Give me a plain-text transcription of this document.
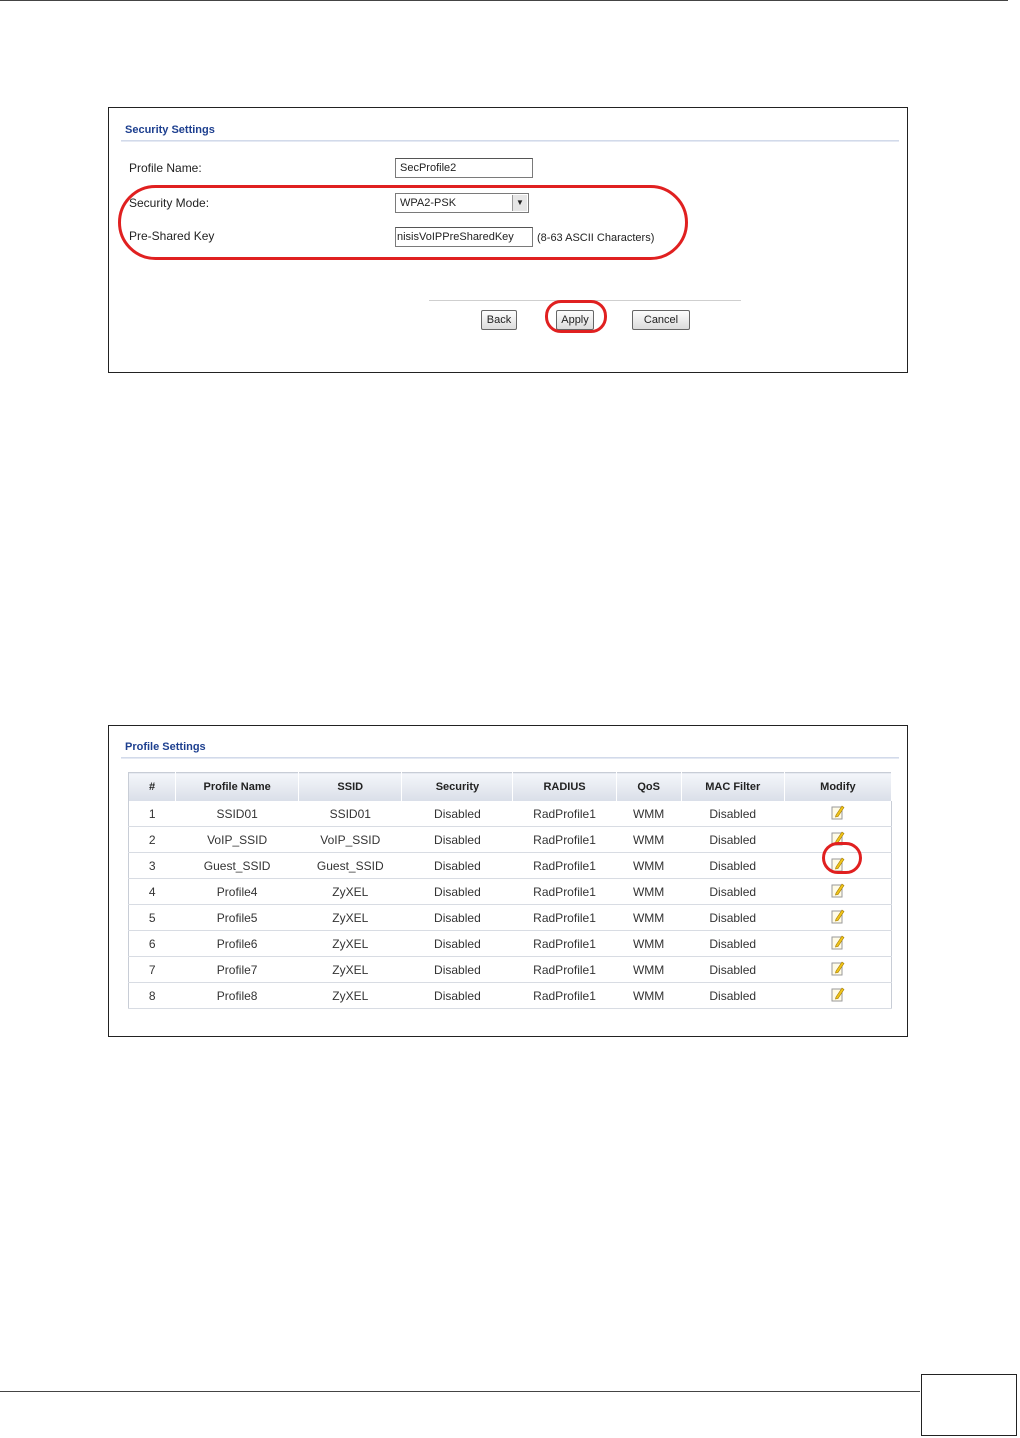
Security Settings
Profile Name:	SecProfile2
Security Mode:	WPA2-PSK	▼
Pre-Shared Key	nisisVoIPPreSharedKey	(8-63 ASCII Characters)
Back	Apply	Cancel
Profile Settings
#	Profile Name	SSID	Security	RADIUS	QoS	MAC Filter	Modify
1	SSID01	SSID01	Disabled	RadProfile1	WMM	Disabled	
2	VoIP_SSID	VoIP_SSID	Disabled	RadProfile1	WMM	Disabled	
3	Guest_SSID	Guest_SSID	Disabled	RadProfile1	WMM	Disabled	
4	Profile4	ZyXEL	Disabled	RadProfile1	WMM	Disabled	
5	Profile5	ZyXEL	Disabled	RadProfile1	WMM	Disabled	
6	Profile6	ZyXEL	Disabled	RadProfile1	WMM	Disabled	
7	Profile7	ZyXEL	Disabled	RadProfile1	WMM	Disabled	
8	Profile8	ZyXEL	Disabled	RadProfile1	WMM	Disabled	
